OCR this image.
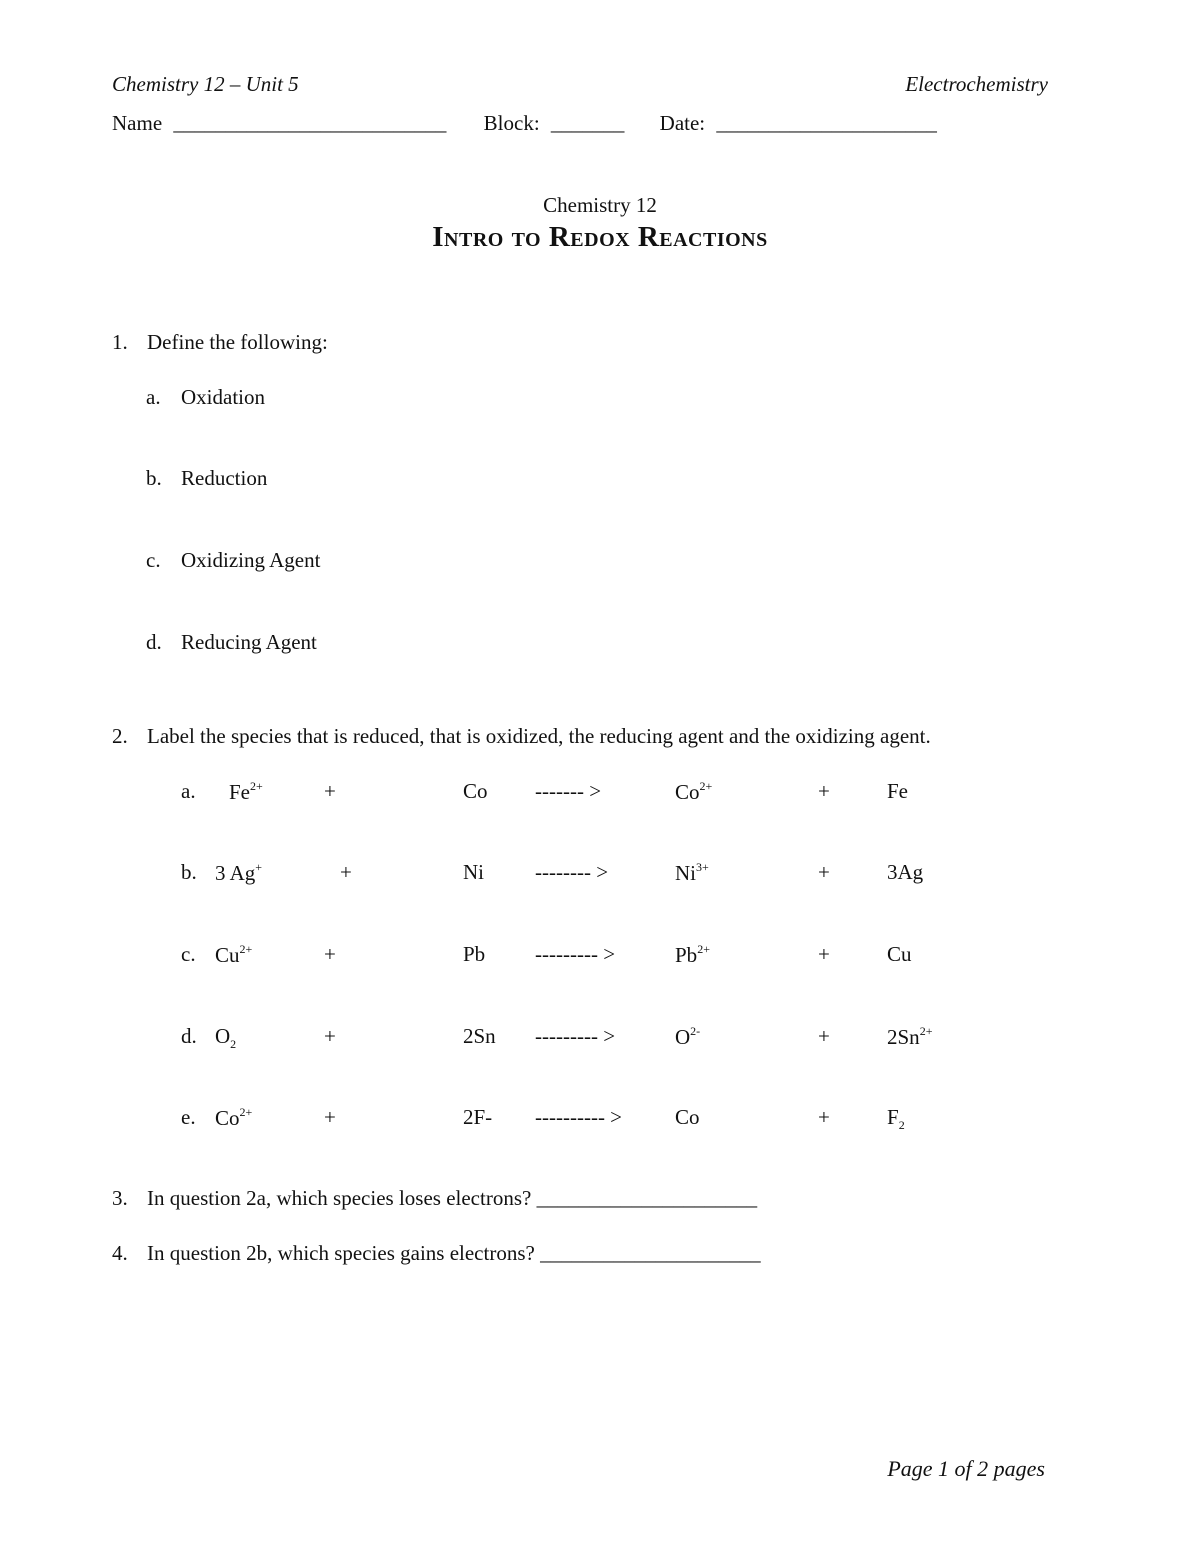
Chemistry 12 – Unit 5	Electrochemistry
Name __________________________ Block: _______ Date: _____________________
Chemistry 12
Intro to Redox Reactions
1. Define the following:
a. Oxidation
b. Reduction
c. Oxidizing Agent
d. Reducing Agent
2. Label the species that is reduced, that is oxidized, the reducing agent and the oxidizing agent.
a. $Fe^{2+}$	+	Co ------- >	$Co^{2+}$	+	Fe
b. 3 Ag+	+	Ni -------- >	$Ni^{3+}$	+	3Ag
c. $Cu^{2+}$	+	Pb --------- >	$Pb^{2+}$	+	Cu
d. $O_2$	+	2Sn --------- >	$O^{2-}$	+	$2Sn^{2+}$
e. $Co^{2+}$	+	2F- ---------- >	Co	+	$F_2$
3. In question 2a, which species loses electrons? _____________________
4. In question 2b, which species gains electrons? _____________________
Page 1 of 2 pages
